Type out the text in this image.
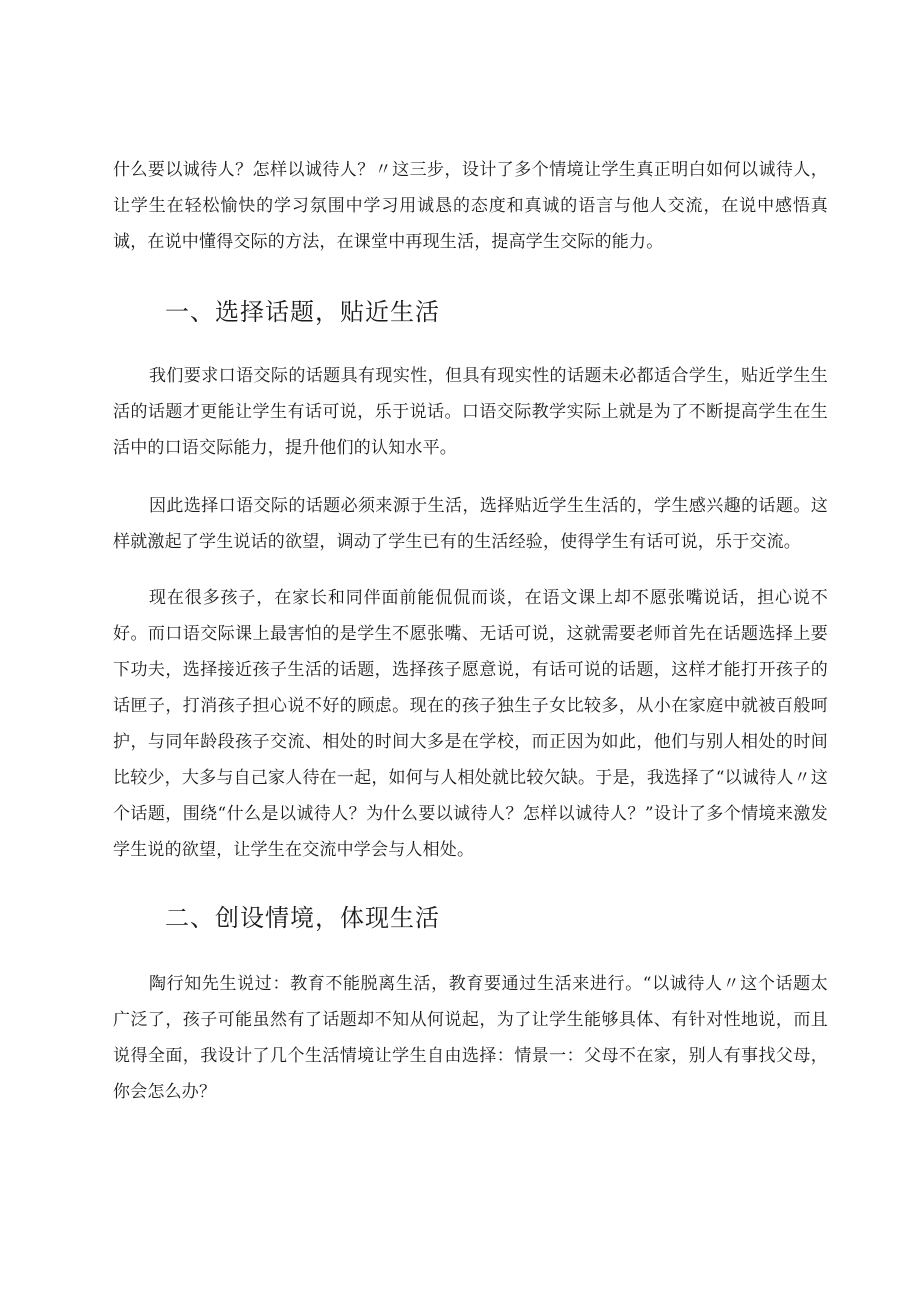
什么要以诚待人？怎样以诚待人？〃这三步，设计了多个情境让学生真正明白如何以诚待人，让学生在轻松愉快的学习氛围中学习用诚恳的态度和真诚的语言与他人交流，在说中感悟真诚，在说中懂得交际的方法，在课堂中再现生活，提高学生交际的能力。

一、选择话题，贴近生活

我们要求口语交际的话题具有现实性，但具有现实性的话题未必都适合学生，贴近学生生活的话题才更能让学生有话可说，乐于说话。口语交际教学实际上就是为了不断提高学生在生活中的口语交际能力，提升他们的认知水平。

因此选择口语交际的话题必须来源于生活，选择贴近学生生活的，学生感兴趣的话题。这样就激起了学生说话的欲望，调动了学生已有的生活经验，使得学生有话可说，乐于交流。

现在很多孩子，在家长和同伴面前能侃侃而谈，在语文课上却不愿张嘴说话，担心说不好。而口语交际课上最害怕的是学生不愿张嘴、无话可说，这就需要老师首先在话题选择上要下功夫，选择接近孩子生活的话题，选择孩子愿意说，有话可说的话题，这样才能打开孩子的话匣子，打消孩子担心说不好的顾虑。现在的孩子独生子女比较多，从小在家庭中就被百般呵护，与同年龄段孩子交流、相处的时间大多是在学校，而正因为如此，他们与别人相处的时间比较少，大多与自己家人待在一起，如何与人相处就比较欠缺。于是，我选择了“以诚待人〃这个话题，围绕“什么是以诚待人？为什么要以诚待人？怎样以诚待人？”设计了多个情境来激发学生说的欲望，让学生在交流中学会与人相处。

二、创设情境，体现生活

陶行知先生说过：教育不能脱离生活，教育要通过生活来进行。“以诚待人〃这个话题太广泛了，孩子可能虽然有了话题却不知从何说起，为了让学生能够具体、有针对性地说，而且说得全面，我设计了几个生活情境让学生自由选择：情景一：父母不在家，别人有事找父母，你会怎么办？
